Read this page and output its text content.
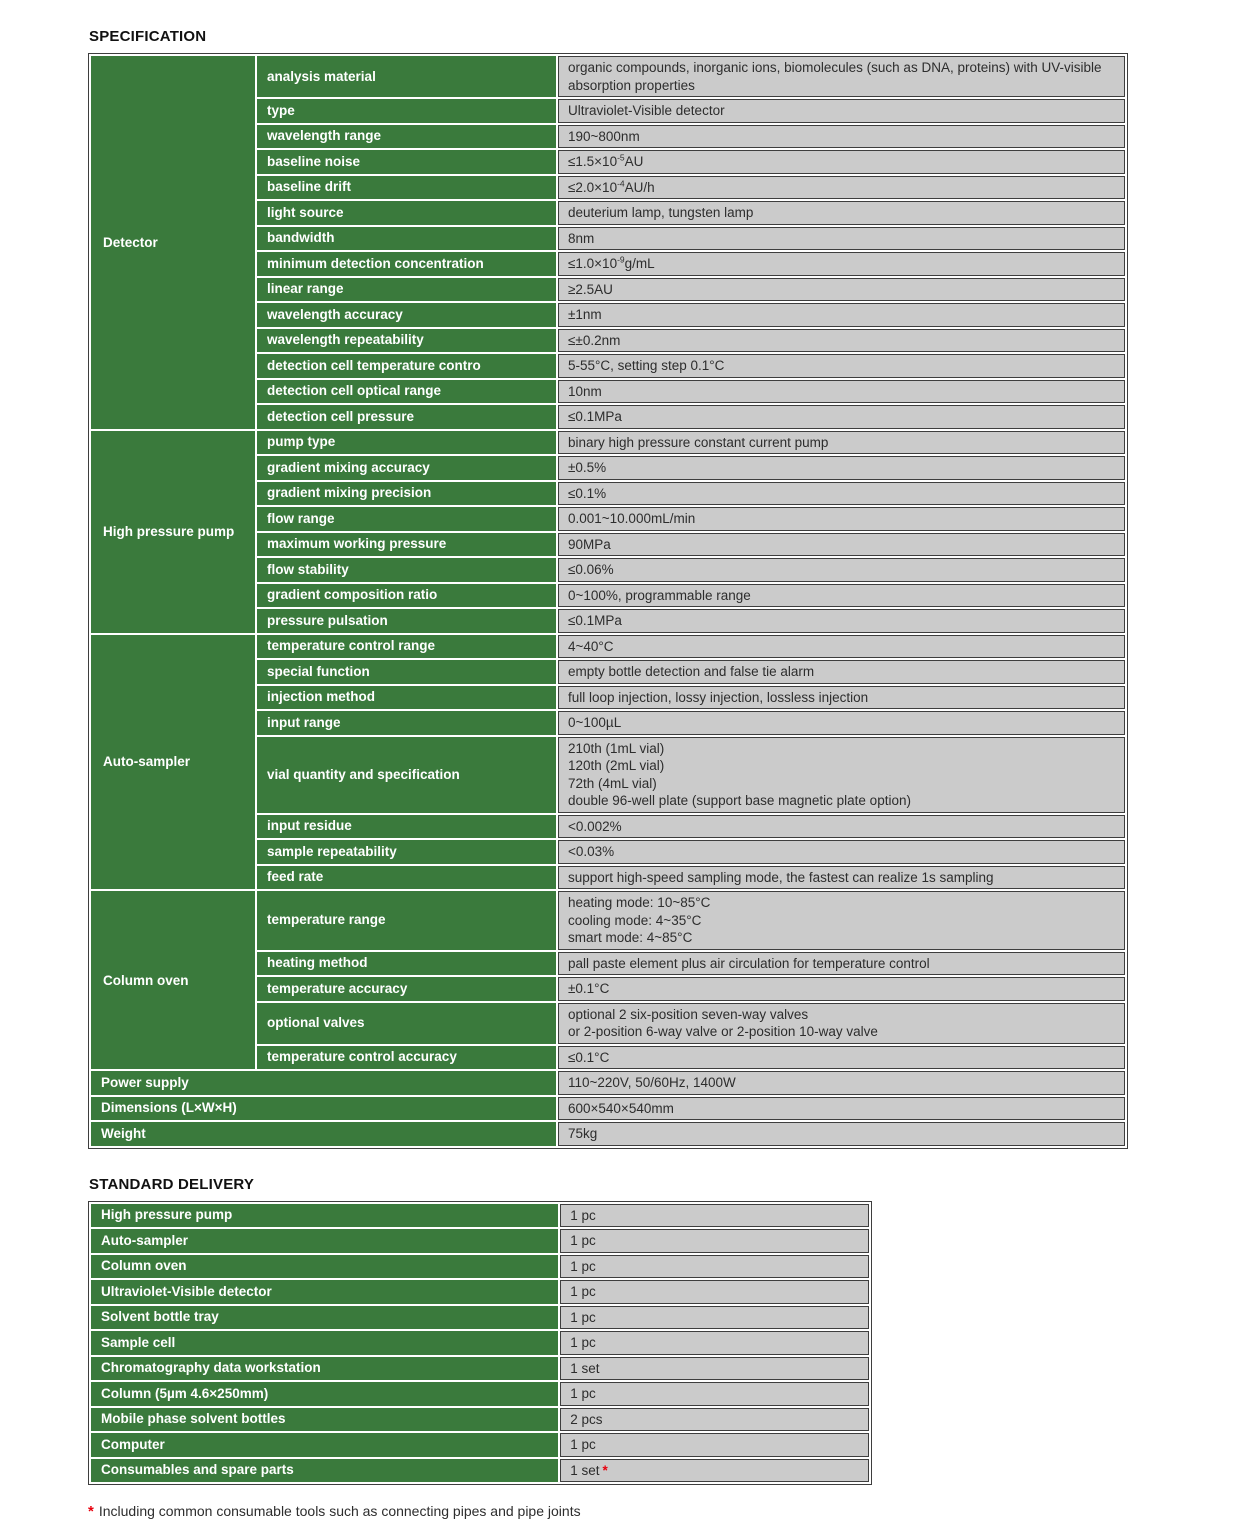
SPECIFICATION
Detector	analysis material	organic compounds, inorganic ions, biomolecules (such as DNA, proteins) with UV-visible absorption properties
	type	Ultraviolet-Visible detector
	wavelength range	190~800nm
	baseline noise	$\le 1.5\times 10^{-5}AU$
	baseline drift	$\le 2.0\times 10^{-4}AU/h$
	light source	deuterium lamp, tungsten lamp
	bandwidth	8nm
	minimum detection concentration	$\le 1.0\times 10^{-9}g/mL$
	linear range	≥2.5AU
	wavelength accuracy	±1nm
	wavelength repeatability	≤±0.2nm
	detection cell temperature contro	5-55°C, setting step 0.1°C
	detection cell optical range	10nm
	detection cell pressure	≤0.1MPa
High pressure pump	pump type	binary high pressure constant current pump
	gradient mixing accuracy	±0.5%
	gradient mixing precision	≤0.1%
	flow range	0.001~10.000mL/min
	maximum working pressure	90MPa
	flow stability	≤0.06%
	gradient composition ratio	0~100%, programmable range
	pressure pulsation	≤0.1MPa
Auto-sampler	temperature control range	4~40°C
	special function	empty bottle detection and false tie alarm
	injection method	full loop injection, lossy injection, lossless injection
	input range	0~100µL
	vial quantity and specification	210th (1mL vial)
120th (2mL vial)
72th (4mL vial)
double 96-well plate (support base magnetic plate option)

	input residue	<0.002%
	sample repeatability	<0.03%
	feed rate	support high-speed sampling mode, the fastest can realize 1s sampling
Column oven	temperature range	heating mode: 10~85°C
cooling mode: 4~35°C
smart mode: 4~85°C

	heating method	pall paste element plus air circulation for temperature control
	temperature accuracy	±0.1°C
	optional valves	optional 2 six-position seven-way valves
or 2-position 6-way valve or 2-position 10-way valve

	temperature control accuracy	≤0.1°C
Power supply		110~220V, 50/60Hz, 1400W
Dimensions (L×W×H)		600×540×540mm
Weight		75kg
STANDARD DELIVERY
High pressure pump	1 pc
Auto-sampler	1 pc
Column oven	1 pc
Ultraviolet-Visible detector	1 pc
Solvent bottle tray	1 pc
Sample cell	1 pc
Chromatography data workstation	1 set
Column (5µm 4.6×250mm)	1 pc
Mobile phase solvent bottles	2 pcs
Computer	1 pc
Consumables and spare parts	1 set *
* Including common consumable tools such as connecting pipes and pipe joints
